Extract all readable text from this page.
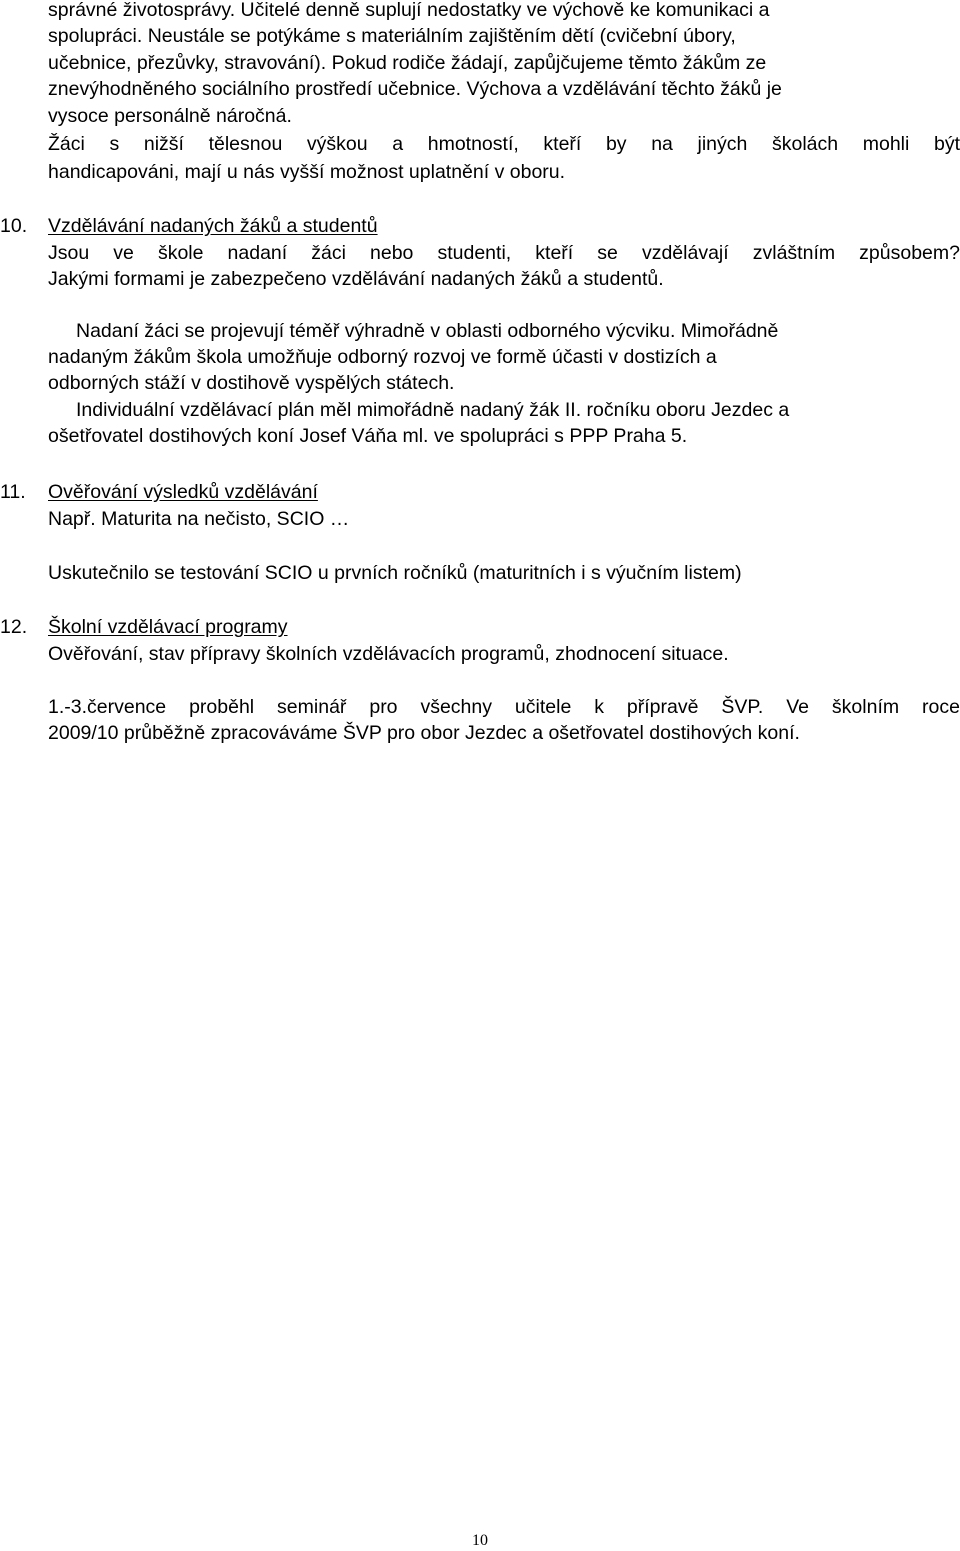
správné životosprávy. Učitelé denně suplují nedostatky ve výchově ke komunikaci a
spolupráci. Neustále se potýkáme s materiálním zajištěním dětí (cvičební úbory,
učebnice, přezůvky, stravování). Pokud rodiče žádají, zapůjčujeme těmto žákům ze
znevýhodněného sociálního prostředí učebnice. Výchova a vzdělávání těchto žáků je
vysoce personálně náročná.
Žáci s nižší tělesnou výškou a hmotností, kteří by na jiných školách mohli být
handicapováni, mají u nás vyšší možnost uplatnění v oboru.
10. Vzdělávání nadaných žáků a studentů
Jsou ve škole nadaní žáci nebo studenti, kteří se vzdělávají zvláštním způsobem?
Jakými formami je zabezpečeno vzdělávání nadaných žáků a studentů.
Nadaní žáci se projevují téměř výhradně v oblasti odborného výcviku. Mimořádně
nadaným žákům škola umožňuje odborný rozvoj ve formě účasti v dostizích a
odborných stáží v dostihově vyspělých státech.
Individuální vzdělávací plán měl mimořádně nadaný žák II. ročníku oboru Jezdec a
ošetřovatel dostihových koní Josef Váňa ml. ve spolupráci s PPP Praha 5.
11. Ověřování výsledků vzdělávání
Např. Maturita na nečisto, SCIO …
Uskutečnilo se testování SCIO u prvních ročníků (maturitních i s výučním listem)
12. Školní vzdělávací programy
Ověřování, stav přípravy školních vzdělávacích programů, zhodnocení situace.
1.-3.července proběhl seminář pro všechny učitele k přípravě ŠVP. Ve školním roce
2009/10 průběžně zpracováváme ŠVP pro obor Jezdec a ošetřovatel dostihových koní.
10
